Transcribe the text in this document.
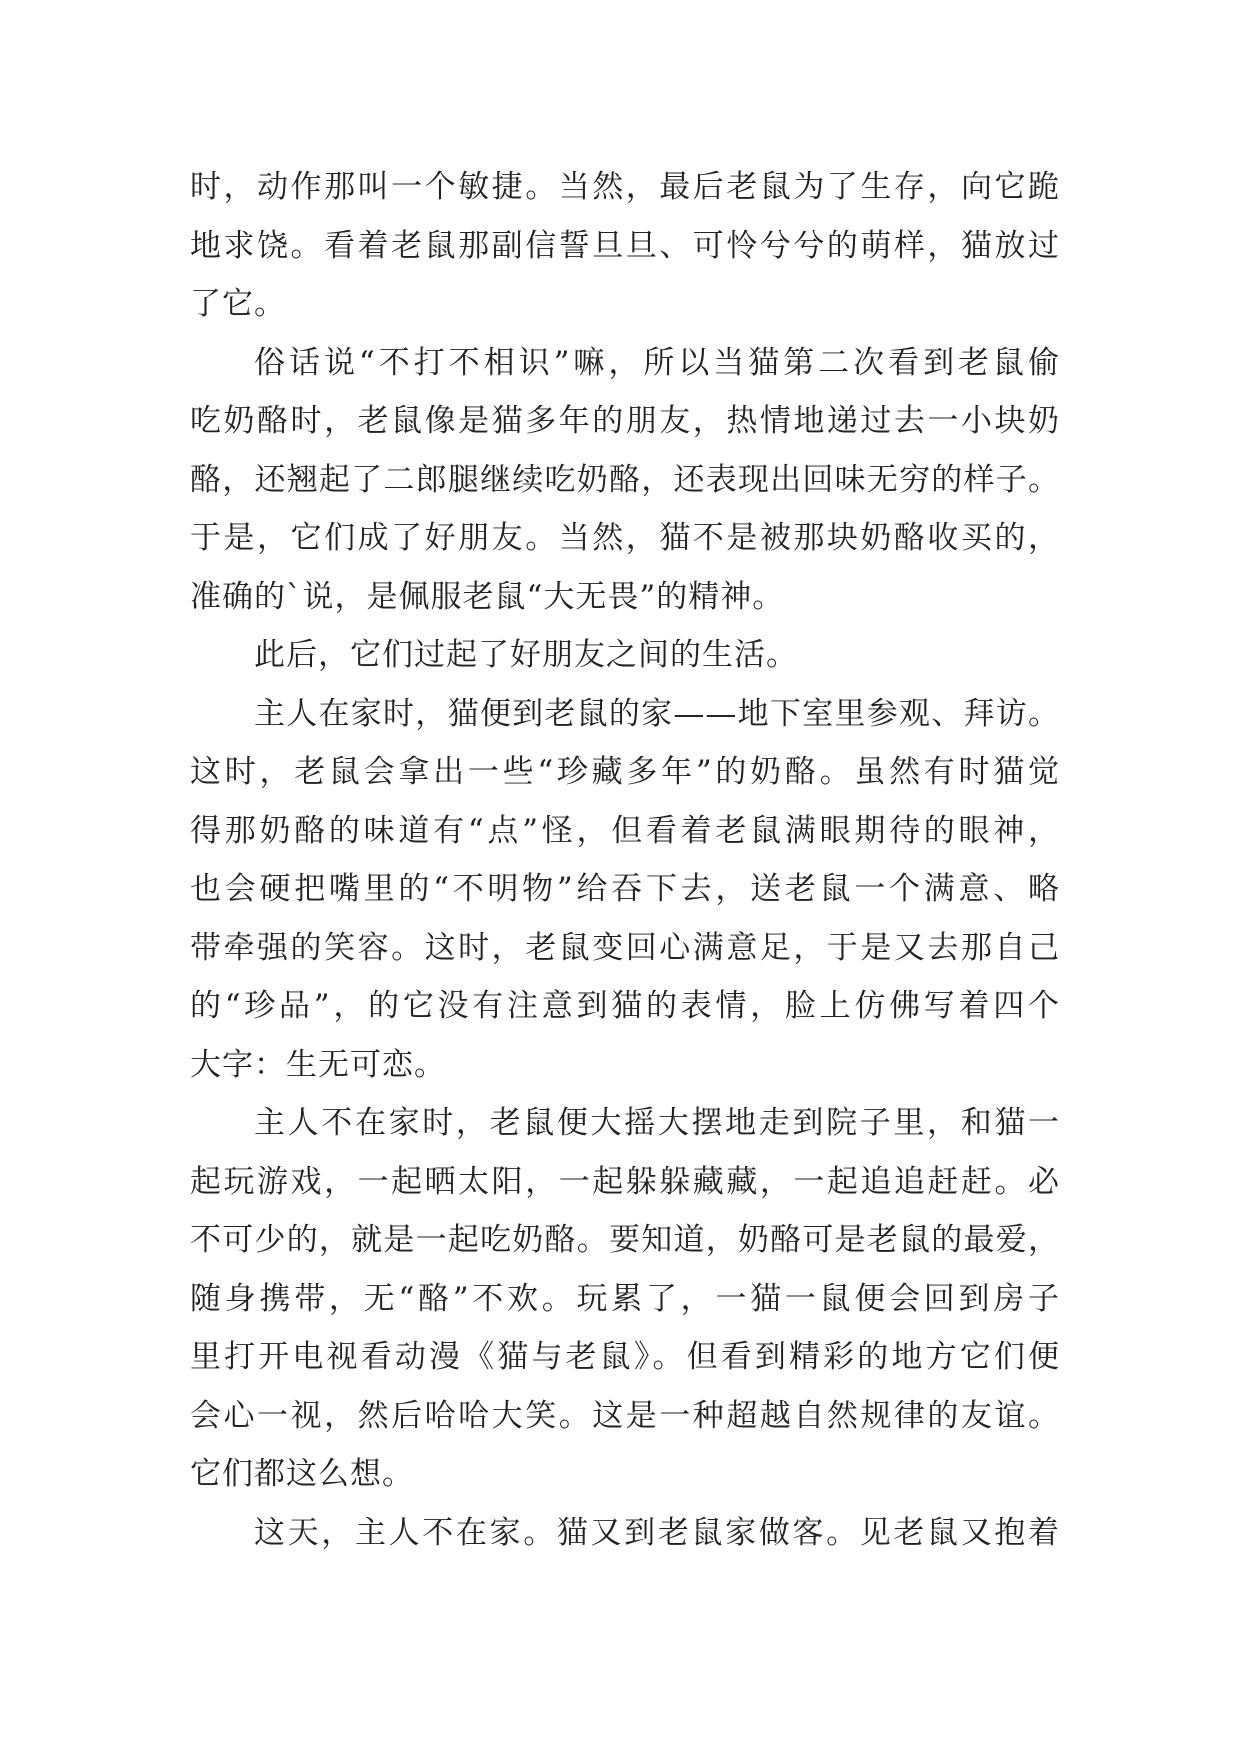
时，动作那叫一个敏捷。当然，最后老鼠为了生存，向它跪
地求饶。看着老鼠那副信誓旦旦、可怜兮兮的萌样，猫放过
了它。
俗话说“不打不相识”嘛，所以当猫第二次看到老鼠偷
吃奶酪时，老鼠像是猫多年的朋友，热情地递过去一小块奶
酪，还翘起了二郎腿继续吃奶酪，还表现出回味无穷的样子。
于是，它们成了好朋友。当然，猫不是被那块奶酪收买的，
准确的`说，是佩服老鼠“大无畏”的精神。
此后，它们过起了好朋友之间的生活。
主人在家时，猫便到老鼠的家——地下室里参观、拜访。
这时，老鼠会拿出一些“珍藏多年”的奶酪。虽然有时猫觉
得那奶酪的味道有“点”怪，但看着老鼠满眼期待的眼神，
也会硬把嘴里的“不明物”给吞下去，送老鼠一个满意、略
带牵强的笑容。这时，老鼠变回心满意足，于是又去那自己
的“珍品”，的它没有注意到猫的表情，脸上仿佛写着四个
大字：生无可恋。
主人不在家时，老鼠便大摇大摆地走到院子里，和猫一
起玩游戏，一起晒太阳，一起躲躲藏藏，一起追追赶赶。必
不可少的，就是一起吃奶酪。要知道，奶酪可是老鼠的最爱，
随身携带，无“酪”不欢。玩累了，一猫一鼠便会回到房子
里打开电视看动漫《猫与老鼠》。但看到精彩的地方它们便
会心一视，然后哈哈大笑。这是一种超越自然规律的友谊。
它们都这么想。
这天，主人不在家。猫又到老鼠家做客。见老鼠又抱着
